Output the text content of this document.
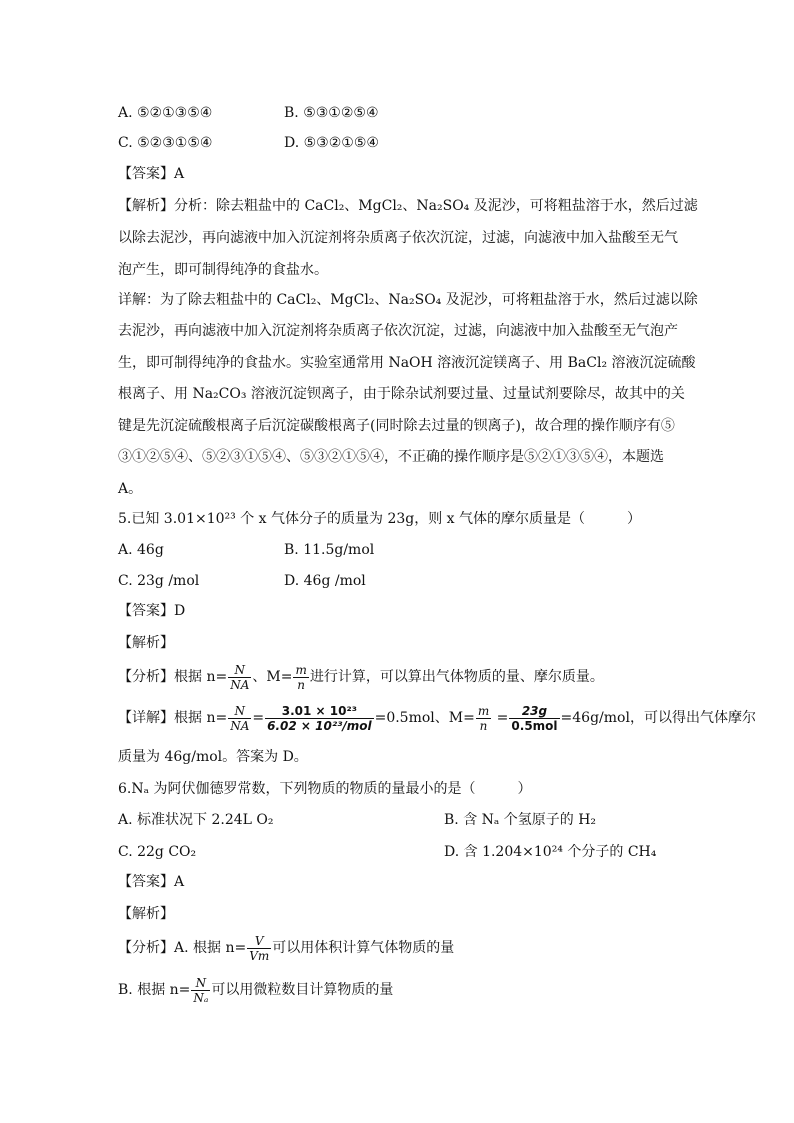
A. ⑤②①③⑤④	B. ⑤③①②⑤④
C. ⑤②③①⑤④	D. ⑤③②①⑤④
【答案】A
【解析】分析：除去粗盐中的 CaCl₂、MgCl₂、Na₂SO₄ 及泥沙，可将粗盐溶于水，然后过滤
以除去泥沙，再向滤液中加入沉淀剂将杂质离子依次沉淀，过滤，向滤液中加入盐酸至无气
泡产生，即可制得纯净的食盐水。
详解：为了除去粗盐中的 CaCl₂、MgCl₂、Na₂SO₄ 及泥沙，可将粗盐溶于水，然后过滤以除
去泥沙，再向滤液中加入沉淀剂将杂质离子依次沉淀，过滤，向滤液中加入盐酸至无气泡产
生，即可制得纯净的食盐水。实验室通常用 NaOH 溶液沉淀镁离子、用 BaCl₂ 溶液沉淀硫酸
根离子、用 Na₂CO₃ 溶液沉淀钡离子，由于除杂试剂要过量、过量试剂要除尽，故其中的关
键是先沉淀硫酸根离子后沉淀碳酸根离子(同时除去过量的钡离子)，故合理的操作顺序有⑤
③①②⑤④、⑤②③①⑤④、⑤③②①⑤④，不正确的操作顺序是⑤②①③⑤④，本题选
A。
5.已知 3.01×10²³ 个 x 气体分子的质量为 23g，则 x 气体的摩尔质量是（　　　）
A. 46g	B. 11.5g/mol
C. 23g /mol	D. 46g /mol
【答案】D
【解析】
【分析】根据 $n= \frac{N}{NA}$ 、$M= \frac{m}{n}$ 进行计算，可以算出气体物质的量、摩尔质量。
【详解】根据 $n= \frac{N}{NA} = \frac{\text{3.01 × 10²³}}{\text{6.02 × 10²³/mol}} =0.5mol$、$M= \frac{m}{n} = \frac{23g}{\text{0.5mol}} =46g/mol$，可以得出气体摩尔
质量为 46g/mol。答案为 D。
6.Nₐ 为阿伏伽德罗常数，下列物质的物质的量最小的是（　　　）
A. 标准状况下 2.24L O₂	B. 含 Nₐ 个氢原子的 H₂
C. 22g CO₂	D. 含 1.204×10²⁴ 个分子的 CH₄
【答案】A
【解析】
【分析】A. 根据 $n= \frac{V}{Vm}$ 可以用体积计算气体物质的量
B. 根据 $n= \frac{N}{\text{Nₐ}}$ 可以用微粒数目计算物质的量
